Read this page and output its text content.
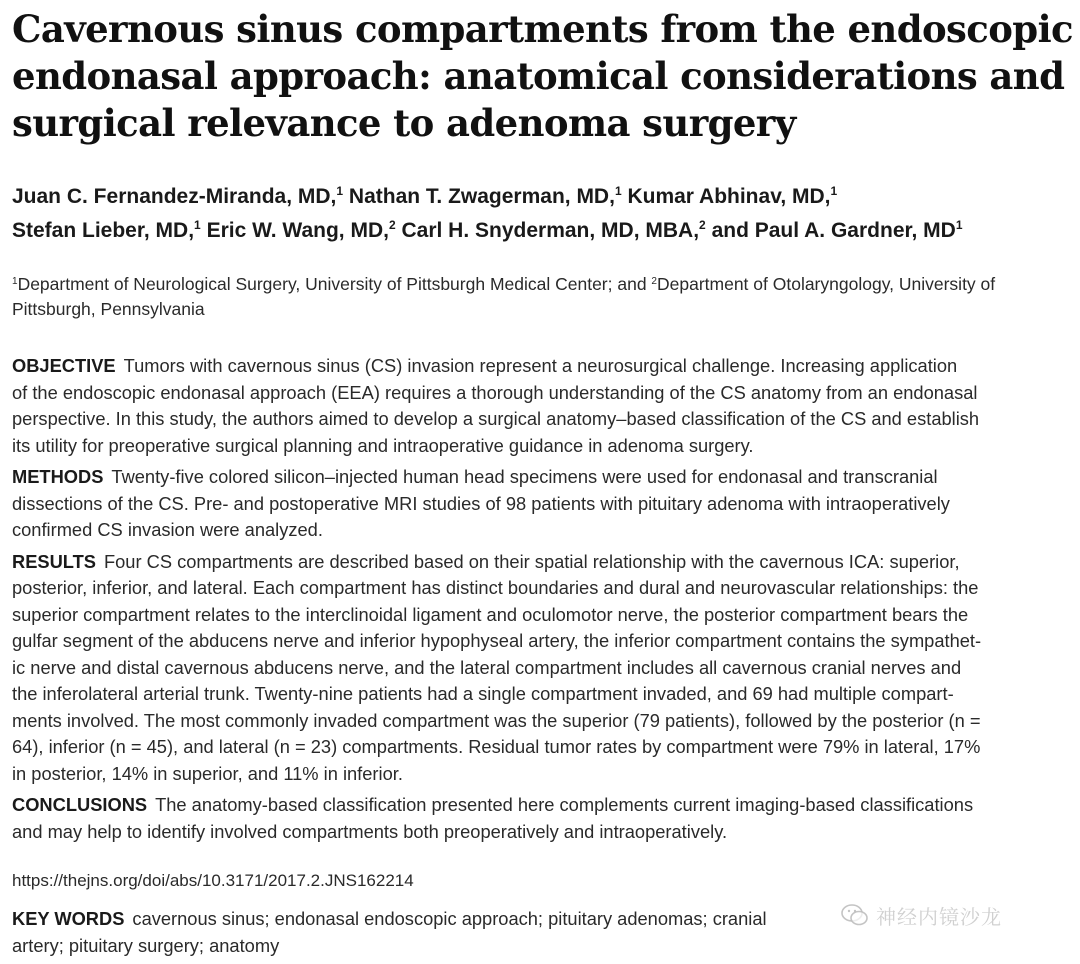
Cavernous sinus compartments from the endoscopic
endonasal approach: anatomical considerations and
surgical relevance to adenoma surgery
Juan C. Fernandez-Miranda, MD,$^1$ Nathan T. Zwagerman, MD,$^1$ Kumar Abhinav, MD,$^1$
Stefan Lieber, MD,$^1$ Eric W. Wang, MD,$^2$ Carl H. Snyderman, MD, MBA,$^2$ and Paul A. Gardner, $MD^1$
$^1$Department of Neurological Surgery, University of Pittsburgh Medical Center; and $^2$Department of Otolaryngology, University of
Pittsburgh, Pennsylvania
OBJECTIVE Tumors with cavernous sinus (CS) invasion represent a neurosurgical challenge. Increasing application
of the endoscopic endonasal approach (EEA) requires a thorough understanding of the CS anatomy from an endonasal
perspective. In this study, the authors aimed to develop a surgical anatomy–based classification of the CS and establish
its utility for preoperative surgical planning and intraoperative guidance in adenoma surgery.
METHODS Twenty-five colored silicon–injected human head specimens were used for endonasal and transcranial
dissections of the CS. Pre- and postoperative MRI studies of 98 patients with pituitary adenoma with intraoperatively
confirmed CS invasion were analyzed.
RESULTS Four CS compartments are described based on their spatial relationship with the cavernous ICA: superior,
posterior, inferior, and lateral. Each compartment has distinct boundaries and dural and neurovascular relationships: the
superior compartment relates to the interclinoidal ligament and oculomotor nerve, the posterior compartment bears the
gulfar segment of the abducens nerve and inferior hypophyseal artery, the inferior compartment contains the sympathet-
ic nerve and distal cavernous abducens nerve, and the lateral compartment includes all cavernous cranial nerves and
the inferolateral arterial trunk. Twenty-nine patients had a single compartment invaded, and 69 had multiple compart-
ments involved. The most commonly invaded compartment was the superior (79 patients), followed by the posterior (n =
64), inferior (n = 45), and lateral (n = 23) compartments. Residual tumor rates by compartment were 79% in lateral, 17%
in posterior, 14% in superior, and 11% in inferior.
CONCLUSIONS The anatomy-based classification presented here complements current imaging-based classifications
and may help to identify involved compartments both preoperatively and intraoperatively.
https://thejns.org/doi/abs/10.3171/2017.2.JNS162214
KEY WORDS cavernous sinus; endonasal endoscopic approach; pituitary adenomas; cranial
artery; pituitary surgery; anatomy
神经内镜沙龙
